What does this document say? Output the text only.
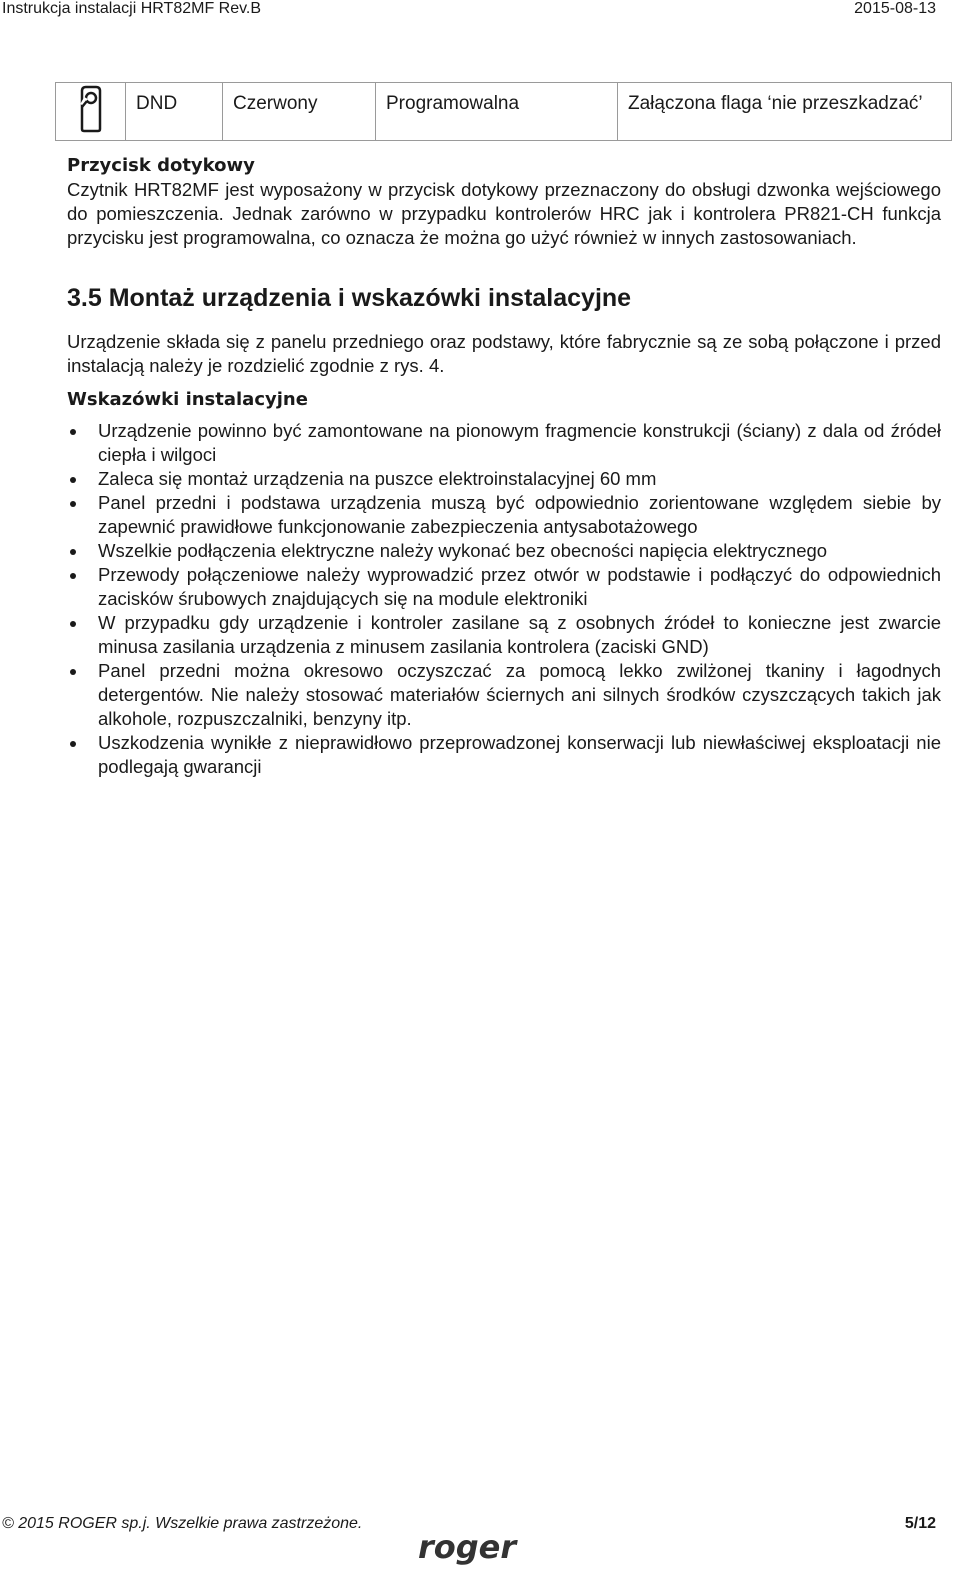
Instrukcja instalacji HRT82MF Rev.B	2015-08-13
	DND	Czerwony	Programowalna	Załączona flaga ‘nie przeszkadzać’
Przycisk dotykowy
Czytnik HRT82MF jest wyposażony w przycisk dotykowy przeznaczony do obsługi dzwonka wejściowego do pomieszczenia. Jednak zarówno w przypadku kontrolerów HRC jak i kontrolera PR821-CH funkcja przycisku jest programowalna, co oznacza że można go użyć również w innych zastosowaniach.
3.5 Montaż urządzenia i wskazówki instalacyjne
Urządzenie składa się z panelu przedniego oraz podstawy, które fabrycznie są ze sobą połączone i przed instalacją należy je rozdzielić zgodnie z rys. 4.
Wskazówki instalacyjne
Urządzenie powinno być zamontowane na pionowym fragmencie konstrukcji (ściany) z dala od źródeł ciepła i wilgoci
Zaleca się montaż urządzenia na puszce elektroinstalacyjnej 60 mm
Panel przedni i podstawa urządzenia muszą być odpowiednio zorientowane względem siebie by zapewnić prawidłowe funkcjonowanie zabezpieczenia antysabotażowego
Wszelkie podłączenia elektryczne należy wykonać bez obecności napięcia elektrycznego
Przewody połączeniowe należy wyprowadzić przez otwór w podstawie i podłączyć do odpowiednich zacisków śrubowych znajdujących się na module elektroniki
W przypadku gdy urządzenie i kontroler zasilane są z osobnych źródeł to konieczne jest zwarcie minusa zasilania urządzenia z minusem zasilania kontrolera (zaciski GND)
Panel przedni można okresowo oczyszczać za pomocą lekko zwilżonej tkaniny i łagodnych detergentów. Nie należy stosować materiałów ściernych ani silnych środków czyszczących takich jak alkohole, rozpuszczalniki, benzyny itp.
Uszkodzenia wynikłe z nieprawidłowo przeprowadzonej konserwacji lub niewłaściwej eksploatacji nie podlegają gwarancji
© 2015 ROGER sp.j. Wszelkie prawa zastrzeżone.	5/12
roger
